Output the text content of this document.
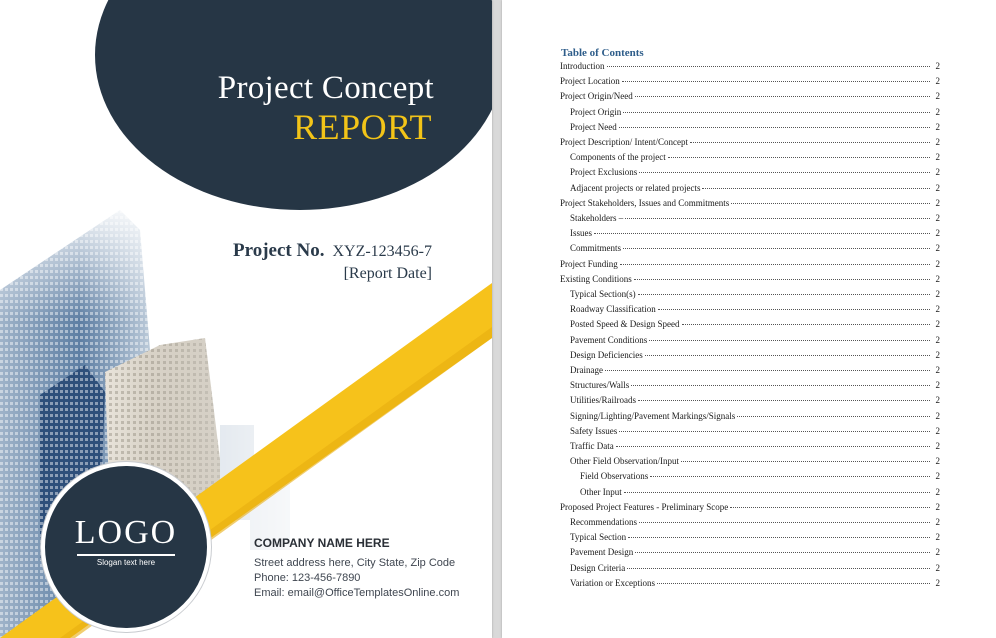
Project Concept
REPORT
Project No. XYZ-123456-7
[Report Date]
LOGO
Slogan text here
COMPANY NAME HERE
Street address here, City State, Zip Code
Phone: 123-456-7890
Email: email@OfficeTemplatesOnline.com
Table of Contents
Introduction	2
Project Location	2
Project Origin/Need	2
Project Origin	2
Project Need	2
Project Description/ Intent/Concept	2
Components of the project	2
Project Exclusions	2
Adjacent projects or related projects	2
Project Stakeholders, Issues and Commitments	2
Stakeholders –	2
Issues	2
Commitments	2
Project Funding	2
Existing Conditions	2
Typical Section(s)	2
Roadway Classification	2
Posted Speed & Design Speed	2
Pavement Conditions	2
Design Deficiencies	2
Drainage	2
Structures/Walls	2
Utilities/Railroads	2
Signing/Lighting/Pavement Markings/Signals	2
Safety Issues	2
Traffic Data	2
Other Field Observation/Input	2
Field Observations	2
Other Input	2
Proposed Project Features - Preliminary Scope	2
Recommendations	2
Typical Section	2
Pavement Design	2
Design Criteria	2
Variation or Exceptions	2
